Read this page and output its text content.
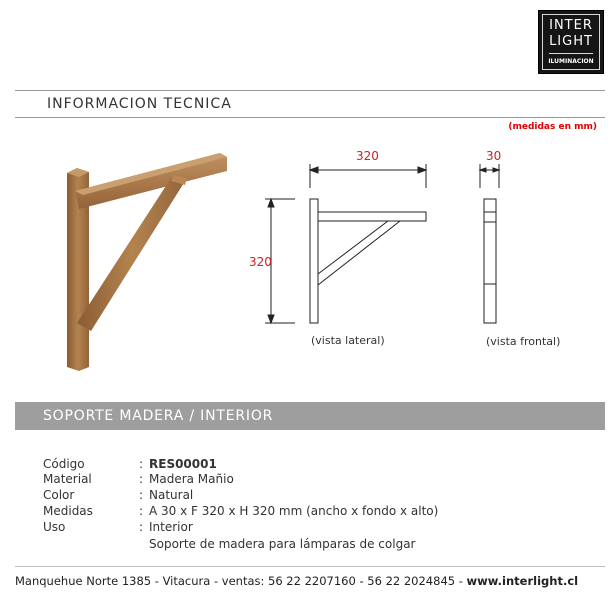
INTER
LIGHT
ILUMINACION
INFORMACION TECNICA
(medidas en mm)
320
320
(vista lateral)
30
(vista frontal)
SOPORTE MADERA / INTERIOR
Código	: RES00001
Material	: Madera Mañio
Color	: Natural
Medidas	: A 30 x F 320 x H 320 mm (ancho x fondo x alto)
Uso	: Interior
Soporte de madera para lámparas de colgar
Manquehue Norte 1385 - Vitacura - ventas: 56 22 2207160 - 56 22 2024845 - www.interlight.cl
